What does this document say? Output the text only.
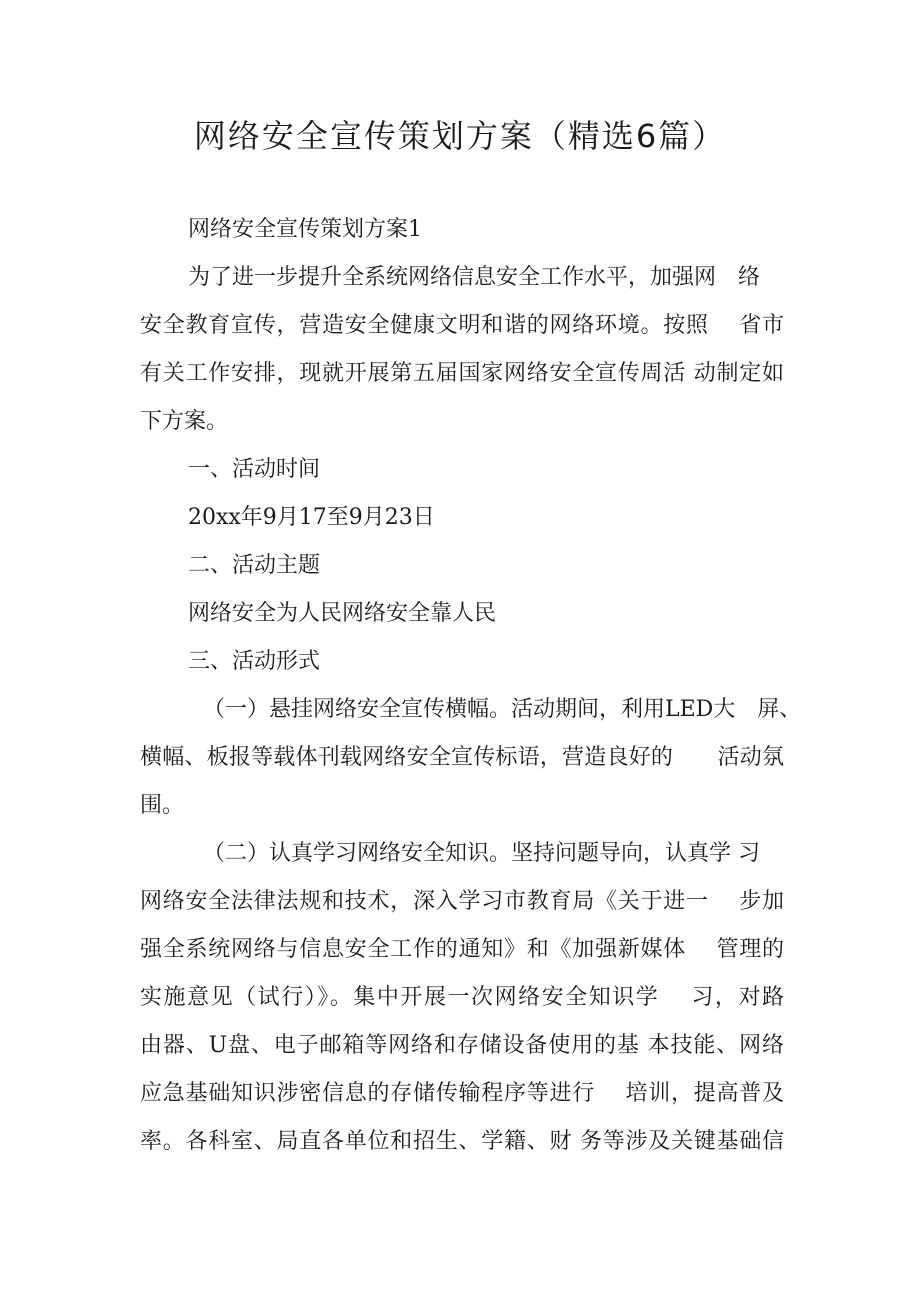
网络安全宣传策划方案（精选6篇）
网络安全宣传策划方案1
为了进一步提升全系统网络信息安全工作水平，加强网　络
安全教育宣传，营造安全健康文明和谐的网络环境。按照　 省市
有关工作安排，现就开展第五届国家网络安全宣传周活 动制定如
下方案。
一、活动时间
20xx年9月17至9月23日
二、活动主题
网络安全为人民网络安全靠人民
三、活动形式
（一）悬挂网络安全宣传横幅。活动期间，利用LED大　屏、
横幅、板报等载体刊载网络安全宣传标语，营造良好的　　活动氛
围。
（二）认真学习网络安全知识。坚持问题导向，认真学 习
网络安全法律法规和技术，深入学习市教育局《关于进一　 步加
强全系统网络与信息安全工作的通知》和《加强新媒体　 管理的
实施意见（试行）》。集中开展一次网络安全知识学　 习，对路
由器、U盘、电子邮箱等网络和存储设备使用的基 本技能、网络
应急基础知识涉密信息的存储传输程序等进行　 培训，提高普及
率。各科室、局直各单位和招生、学籍、财 务等涉及关键基础信
